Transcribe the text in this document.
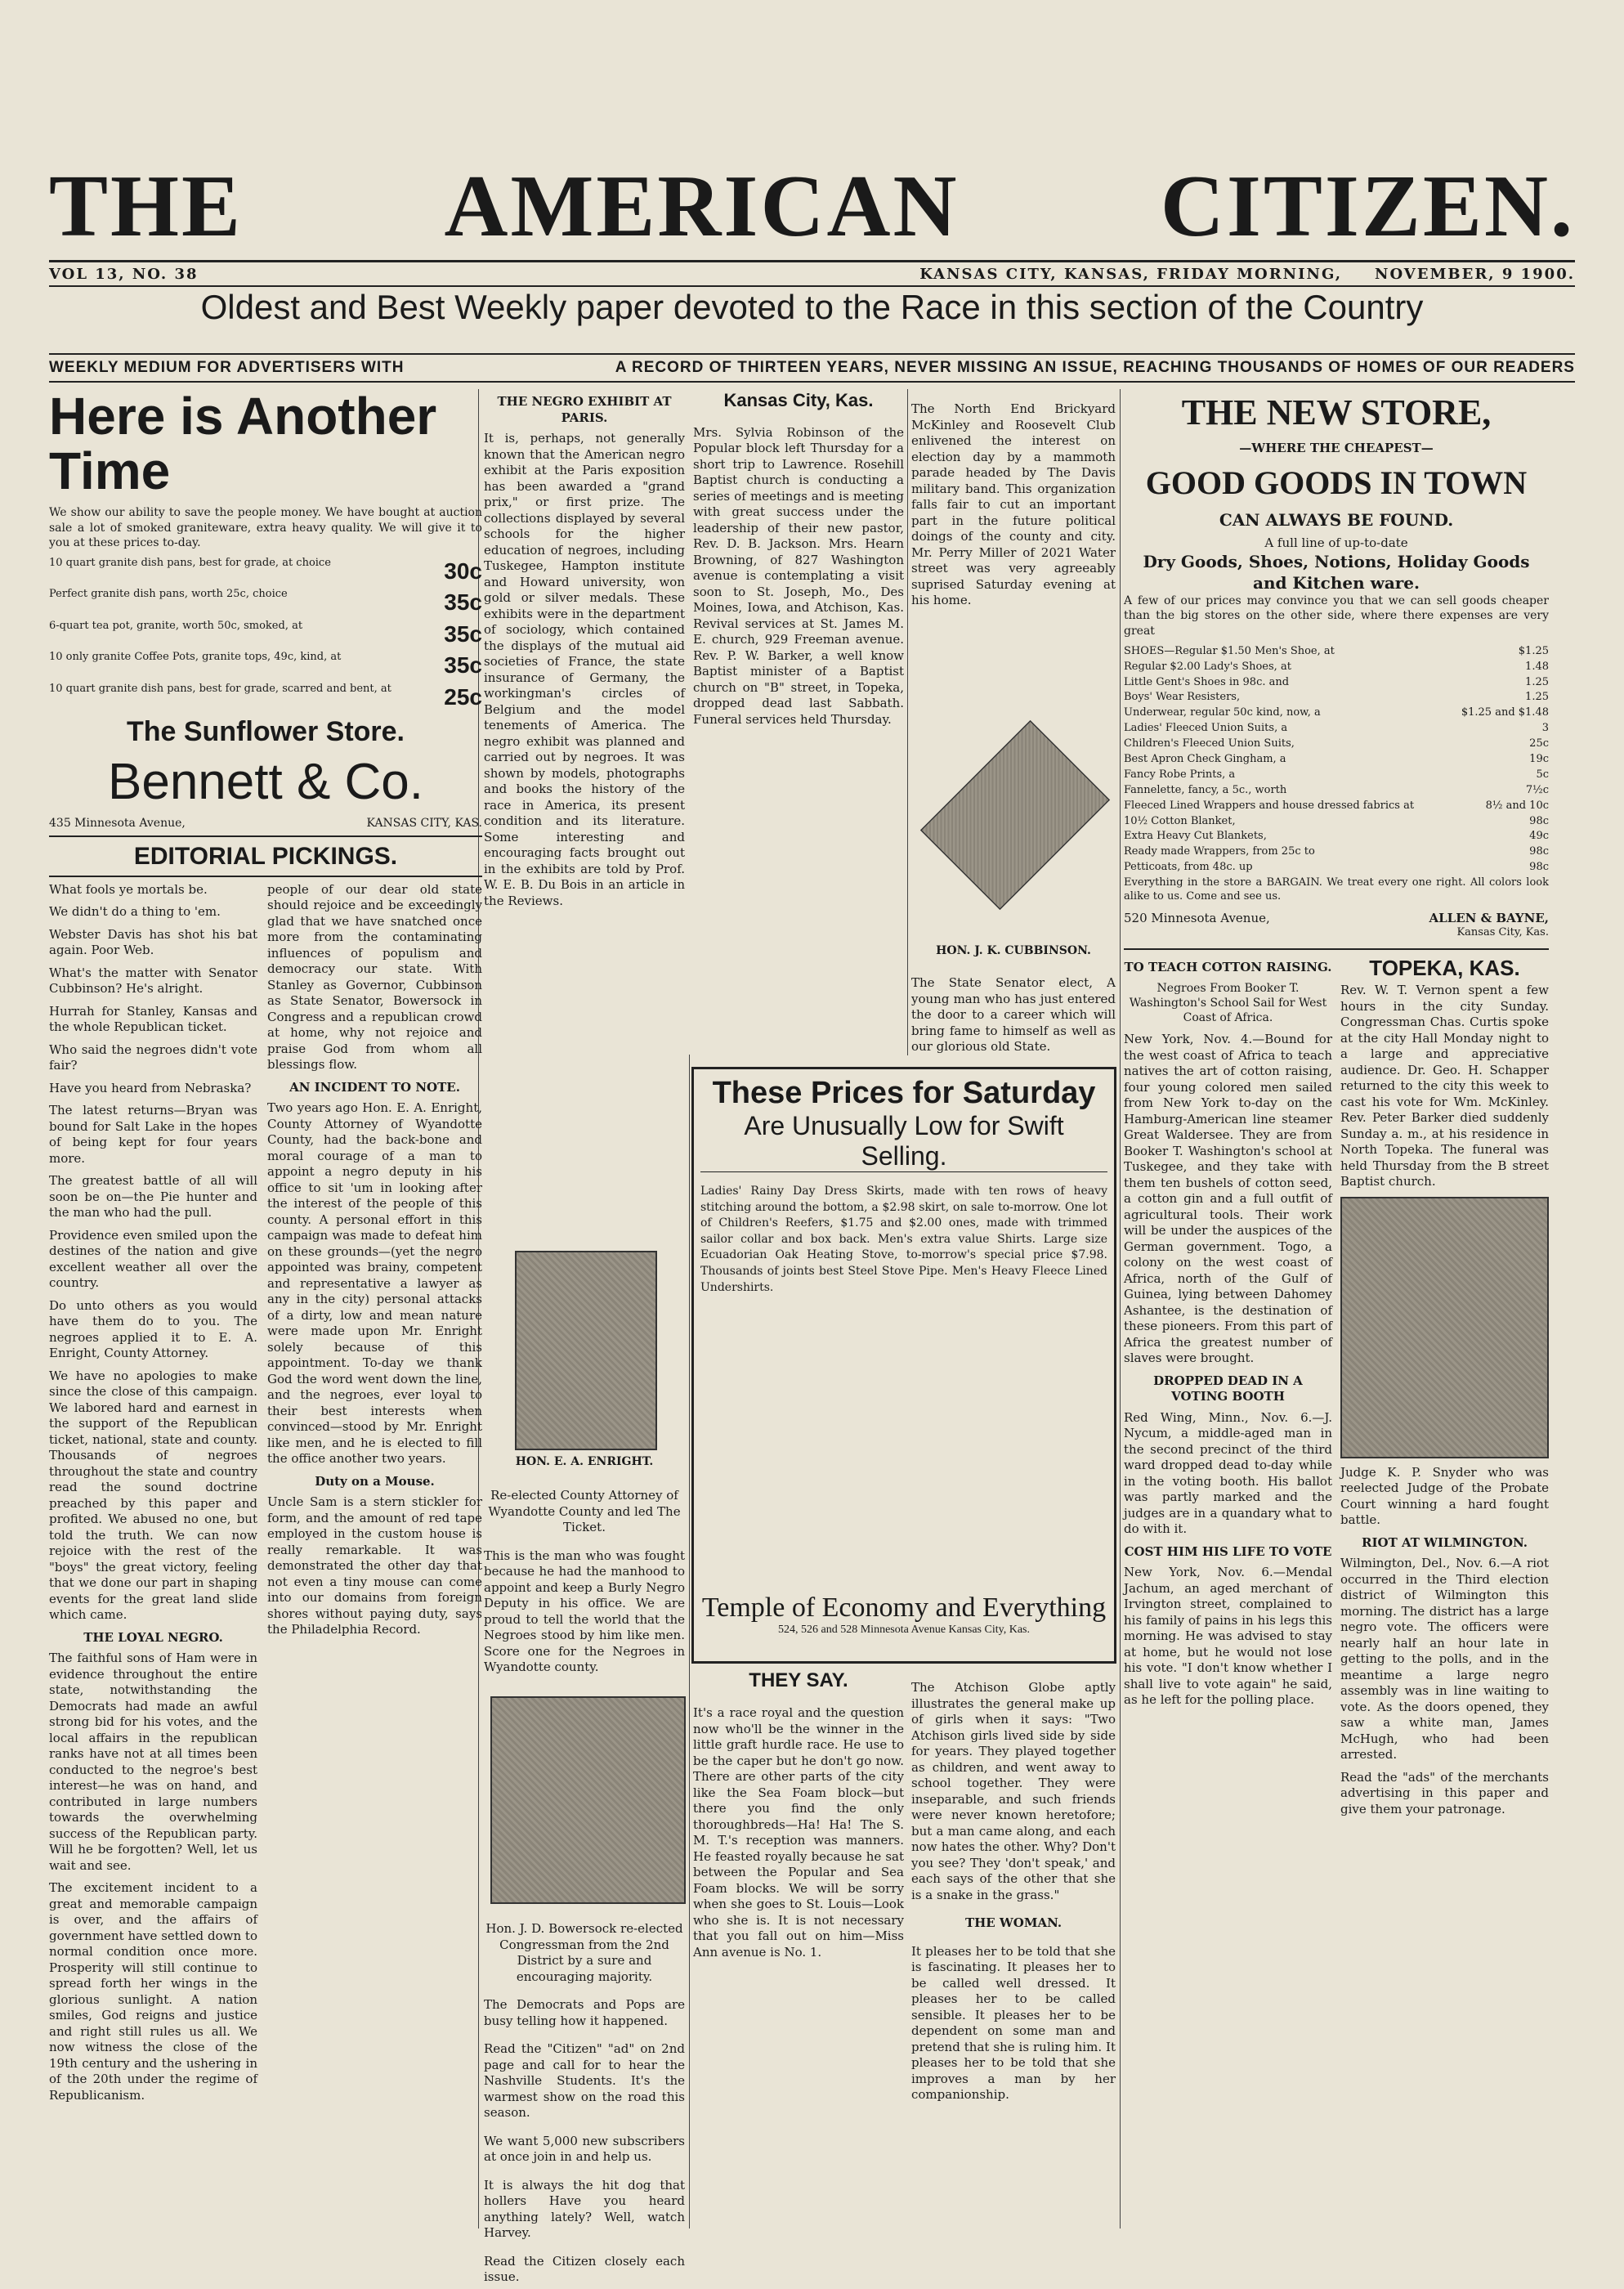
THE AMERICAN CITIZEN.
VOL 13, NO. 38	KANSAS CITY, KANSAS, FRIDAY MORNING, NOVEMBER, 9 1900.
Oldest and Best Weekly paper devoted to the Race in this section of the Country
WEEKLY MEDIUM FOR ADVERTISERS WITH	A RECORD OF THIRTEEN YEARS, NEVER MISSING AN ISSUE, REACHING THOUSANDS OF HOMES OF OUR READERS
Here is Another Time

We show our ability to save the people money. We have bought at auction sale a lot of smoked graniteware, extra heavy quality. We will give it to you at these prices to-day.

10 quart granite dish pans, best for grade, at choice	30c
Perfect granite dish pans, worth 25c, choice	35c
6-quart tea pot, granite, worth 50c, smoked, at	35c
10 only granite Coffee Pots, granite tops, 49c, kind, at	35c
10 quart granite dish pans, best for grade, scarred and bent, at 25c
The Sunflower Store.
Bennett & Co.
435 Minnesota Avenue,	KANSAS CITY, KAS.
EDITORIAL PICKINGS.

What fools ye mortals be.

We didn't do a thing to 'em.

Webster Davis has shot his bat again. Poor Web.

What's the matter with Senator Cubbinson? He's alright.

Hurrah for Stanley, Kansas and the whole Republican ticket.

Who said the negroes didn't vote fair?

Have you heard from Nebraska?

The latest returns—Bryan was bound for Salt Lake in the hopes of being kept for four years more.

The greatest battle of all will soon be on—the Pie hunter and the man who had the pull.

Providence even smiled upon the destines of the nation and give excellent weather all over the country.

Do unto others as you would have them do to you. The negroes applied it to E. A. Enright, County Attorney.

We have no apologies to make since the close of this campaign. We labored hard and earnest in the support of the Republican ticket, national, state and county. Thousands of negroes throughout the state and country read the sound doctrine preached by this paper and profited. We abused no one, but told the truth. We can now rejoice with the rest of the "boys" the great victory, feeling that we done our part in shaping events for the great land slide which came.

THE LOYAL NEGRO.

The faithful sons of Ham were in evidence throughout the entire state, notwithstanding the Democrats had made an awful strong bid for his votes, and the local affairs in the republican ranks have not at all times been conducted to the negroe's best interest—he was on hand, and contributed in large numbers towards the overwhelming success of the Republican party. Will he be forgotten? Well, let us wait and see.

The excitement incident to a great and memorable campaign is over, and the affairs of government have settled down to normal condition once more. Prosperity will still continue to spread forth her wings in the glorious sunlight. A nation smiles, God reigns and justice and right still rules us all. We now witness the close of the 19th century and the ushering in of the 20th under the regime of Republicanism.

people of our dear old state should rejoice and be exceedingly glad that we have snatched once more from the contaminating influences of populism and democracy our state. With Stanley as Governor, Cubbinson as State Senator, Bowersock in Congress and a republican crowd at home, why not rejoice and praise God from whom all blessings flow.

AN INCIDENT TO NOTE.

Two years ago Hon. E. A. Enright, County Attorney of Wyandotte County, had the back-bone and moral courage of a man to appoint a negro deputy in his office to sit 'um in looking after the interest of the people of this county. A personal effort in this campaign was made to defeat him on these grounds—(yet the negro appointed was brainy, competent and representative a lawyer as any in the city) personal attacks of a dirty, low and mean nature were made upon Mr. Enright solely because of this appointment. To-day we thank God the word went down the line, and the negroes, ever loyal to their best interests when convinced—stood by Mr. Enright like men, and he is elected to fill the office another two years.

Duty on a Mouse.

Uncle Sam is a stern stickler for form, and the amount of red tape employed in the custom house is really remarkable. It was demonstrated the other day that not even a tiny mouse can come into our domains from foreign shores without paying duty, says the Philadelphia Record.

THE NEGRO EXHIBIT AT PARIS.

It is, perhaps, not generally known that the American negro exhibit at the Paris exposition has been awarded a "grand prix," or first prize. The collections displayed by several schools for the higher education of negroes, including Tuskegee, Hampton institute and Howard university, won gold or silver medals. These exhibits were in the department of sociology, which contained the displays of the mutual aid societies of France, the state insurance of Germany, the workingman's circles of Belgium and the model tenements of America. The negro exhibit was planned and carried out by negroes. It was shown by models, photographs and books the history of the race in America, its present condition and its literature. Some interesting and encouraging facts brought out in the exhibits are told by Prof. W. E. B. Du Bois in an article in the Reviews.

HON. E. A. ENRIGHT.

Re-elected County Attorney of Wyandotte County and led The Ticket.

This is the man who was fought because he had the manhood to appoint and keep a Burly Negro Deputy in his office. We are proud to tell the world that the Negroes stood by him like men. Score one for the Negroes in Wyandotte county.

Hon. J. D. Bowersock re-elected Congressman from the 2nd District by a sure and encouraging majority.

The Democrats and Pops are busy telling how it happened.

Read the "Citizen" "ad" on 2nd page and call for to hear the Nashville Students. It's the warmest show on the road this season.

We want 5,000 new subscribers at once join in and help us.

It is always the hit dog that hollers Have you heard anything lately? Well, watch Harvey.

Read the Citizen closely each issue.

Kansas City, Kas.

Mrs. Sylvia Robinson of the Popular block left Thursday for a short trip to Lawrence. Rosehill Baptist church is conducting a series of meetings and is meeting with great success under the leadership of their new pastor, Rev. D. B. Jackson. Mrs. Hearn Browning, of 827 Washington avenue is contemplating a visit soon to St. Joseph, Mo., Des Moines, Iowa, and Atchison, Kas. Revival services at St. James M. E. church, 929 Freeman avenue. Rev. P. W. Barker, a well know Baptist minister of a Baptist church on "B" street, in Topeka, dropped dead last Sabbath. Funeral services held Thursday.

The North End Brickyard McKinley and Roosevelt Club enlivened the interest on election day by a mammoth parade headed by The Davis military band. This organization falls fair to cut an important part in the future political doings of the county and city. Mr. Perry Miller of 2021 Water street was very agreeably suprised Saturday evening at his home.

HON. J. K. CUBBINSON.

The State Senator elect, A young man who has just entered the door to a career which will bring fame to himself as well as our glorious old State.

These Prices for Saturday
Are Unusually Low for Swift Selling.

Ladies' Rainy Day Dress Skirts, made with ten rows of heavy stitching around the bottom, a $2.98 skirt, on sale to-morrow. One lot of Children's Reefers, $1.75 and $2.00 ones, made with trimmed sailor collar and box back. Men's extra value Shirts. Large size Ecuadorian Oak Heating Stove, to-morrow's special price $7.98. Thousands of joints best Steel Stove Pipe. Men's Heavy Fleece Lined Undershirts.

Temple of Economy and Everything
524, 526 and 528 Minnesota Avenue Kansas City, Kas.
THEY SAY.

It's a race royal and the question now who'll be the winner in the little graft hurdle race. He use to be the caper but he don't go now. There are other parts of the city like the Sea Foam block—but there you find the only thoroughbreds—Ha! Ha! The S. M. T.'s reception was manners. He feasted royally because he sat between the Popular and Sea Foam blocks. We will be sorry when she goes to St. Louis—Look who she is. It is not necessary that you fall out on him—Miss Ann avenue is No. 1.

The Atchison Globe aptly illustrates the general make up of girls when it says: "Two Atchison girls lived side by side for years. They played together as children, and went away to school together. They were inseparable, and such friends were never known heretofore; but a man came along, and each now hates the other. Why? Don't you see? They 'don't speak,' and each says of the other that she is a snake in the grass."

THE WOMAN.

It pleases her to be told that she is fascinating. It pleases her to be called well dressed. It pleases her to be called sensible. It pleases her to be dependent on some man and pretend that she is ruling him. It pleases her to be told that she improves a man by her companionship.

THE NEW STORE,
—WHERE THE CHEAPEST—
GOOD GOODS IN TOWN
CAN ALWAYS BE FOUND.
A full line of up-to-date
Dry Goods, Shoes, Notions, Holiday Goods and Kitchen ware.

A few of our prices may convince you that we can sell goods cheaper than the big stores on the other side, where there expenses are very great

SHOES—Regular $1.50 Men's Shoe, at	$1.25
Regular $2.00 Lady's Shoes, at	1.48
Little Gent's Shoes in 98c. and	1.25
Boys' Wear Resisters,	1.25
Underwear, regular 50c kind, now, a	$1.25 and $1.48
Ladies' Fleeced Union Suits, a	3
Children's Fleeced Union Suits,	25c
Best Apron Check Gingham, a	19c
Fancy Robe Prints, a	5c
Fannelette, fancy, a 5c., worth	7½c
Fleeced Lined Wrappers and house dressed fabrics at	8½ and 10c
10½ Cotton Blanket,	98c
Extra Heavy Cut Blankets,	49c
Ready made Wrappers, from 25c to	98c
Petticoats, from 48c. up	98c

Everything in the store a BARGAIN. We treat every one right. All colors look alike to us. Come and see us.

520 Minnesota Avenue,	ALLEN & BAYNE,
Kansas City, Kas.
TO TEACH COTTON RAISING.

Negroes From Booker T. Washington's School Sail for West Coast of Africa.

New York, Nov. 4.—Bound for the west coast of Africa to teach natives the art of cotton raising, four young colored men sailed from New York to-day on the Hamburg-American line steamer Great Waldersee. They are from Booker T. Washington's school at Tuskegee, and they take with them ten bushels of cotton seed, a cotton gin and a full outfit of agricultural tools. Their work will be under the auspices of the German government. Togo, a colony on the west coast of Africa, north of the Gulf of Guinea, lying between Dahomey Ashantee, is the destination of these pioneers. From this part of Africa the greatest number of slaves were brought.

DROPPED DEAD IN A VOTING BOOTH

Red Wing, Minn., Nov. 6.—J. Nycum, a middle-aged man in the second precinct of the third ward dropped dead to-day while in the voting booth. His ballot was partly marked and the judges are in a quandary what to do with it.

COST HIM HIS LIFE TO VOTE

New York, Nov. 6.—Mendal Jachum, an aged merchant of Irvington street, complained to his family of pains in his legs this morning. He was advised to stay at home, but he would not lose his vote. "I don't know whether I shall live to vote again" he said, as he left for the polling place.

TOPEKA, KAS.

Rev. W. T. Vernon spent a few hours in the city Sunday. Congressman Chas. Curtis spoke at the city Hall Monday night to a large and appreciative audience. Dr. Geo. H. Schapper returned to the city this week to cast his vote for Wm. McKinley. Rev. Peter Barker died suddenly Sunday a. m., at his residence in North Topeka. The funeral was held Thursday from the B street Baptist church.

Judge K. P. Snyder who was reelected Judge of the Probate Court winning a hard fought battle.

RIOT AT WILMINGTON.

Wilmington, Del., Nov. 6.—A riot occurred in the Third election district of Wilmington this morning. The district has a large negro vote. The officers were nearly half an hour late in getting to the polls, and in the meantime a large negro assembly was in line waiting to vote. As the doors opened, they saw a white man, James McHugh, who had been arrested.

Read the "ads" of the merchants advertising in this paper and give them your patronage.
